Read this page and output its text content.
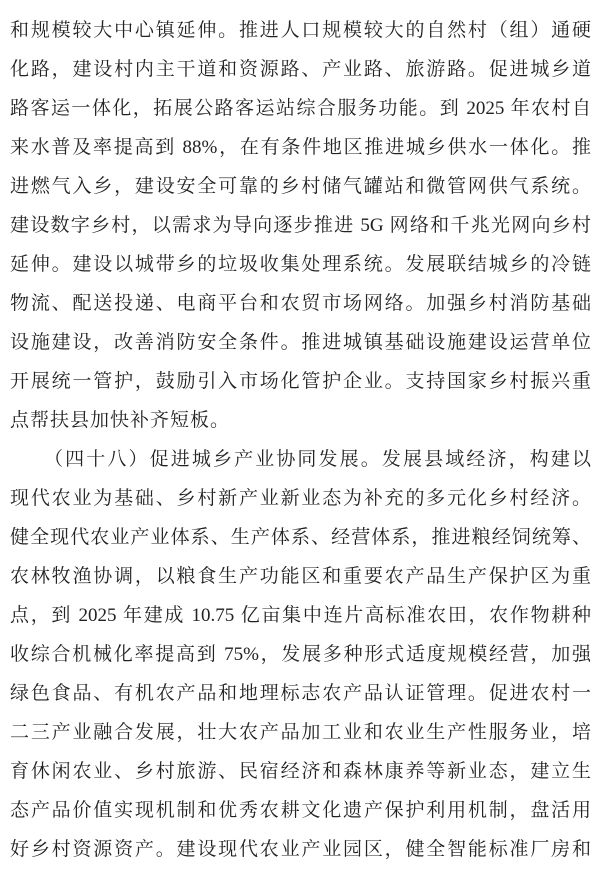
和规模较大中心镇延伸。推进人口规模较大的自然村（组）通硬
化路，建设村内主干道和资源路、产业路、旅游路。促进城乡道
路客运一体化，拓展公路客运站综合服务功能。到 2025 年农村自
来水普及率提高到 88%，在有条件地区推进城乡供水一体化。推
进燃气入乡，建设安全可靠的乡村储气罐站和微管网供气系统。
建设数字乡村，以需求为导向逐步推进 5G 网络和千兆光网向乡村
延伸。建设以城带乡的垃圾收集处理系统。发展联结城乡的冷链
物流、配送投递、电商平台和农贸市场网络。加强乡村消防基础
设施建设，改善消防安全条件。推进城镇基础设施建设运营单位
开展统一管护，鼓励引入市场化管护企业。支持国家乡村振兴重
点帮扶县加快补齐短板。
（四十八）促进城乡产业协同发展。发展县域经济，构建以
现代农业为基础、乡村新产业新业态为补充的多元化乡村经济。
健全现代农业产业体系、生产体系、经营体系，推进粮经饲统筹、
农林牧渔协调，以粮食生产功能区和重要农产品生产保护区为重
点，到 2025 年建成 10.75 亿亩集中连片高标准农田，农作物耕种
收综合机械化率提高到 75%，发展多种形式适度规模经营，加强
绿色食品、有机农产品和地理标志农产品认证管理。促进农村一
二三产业融合发展，壮大农产品加工业和农业生产性服务业，培
育休闲农业、乡村旅游、民宿经济和森林康养等新业态，建立生
态产品价值实现机制和优秀农耕文化遗产保护利用机制，盘活用
好乡村资源资产。建设现代农业产业园区，健全智能标准厂房和
